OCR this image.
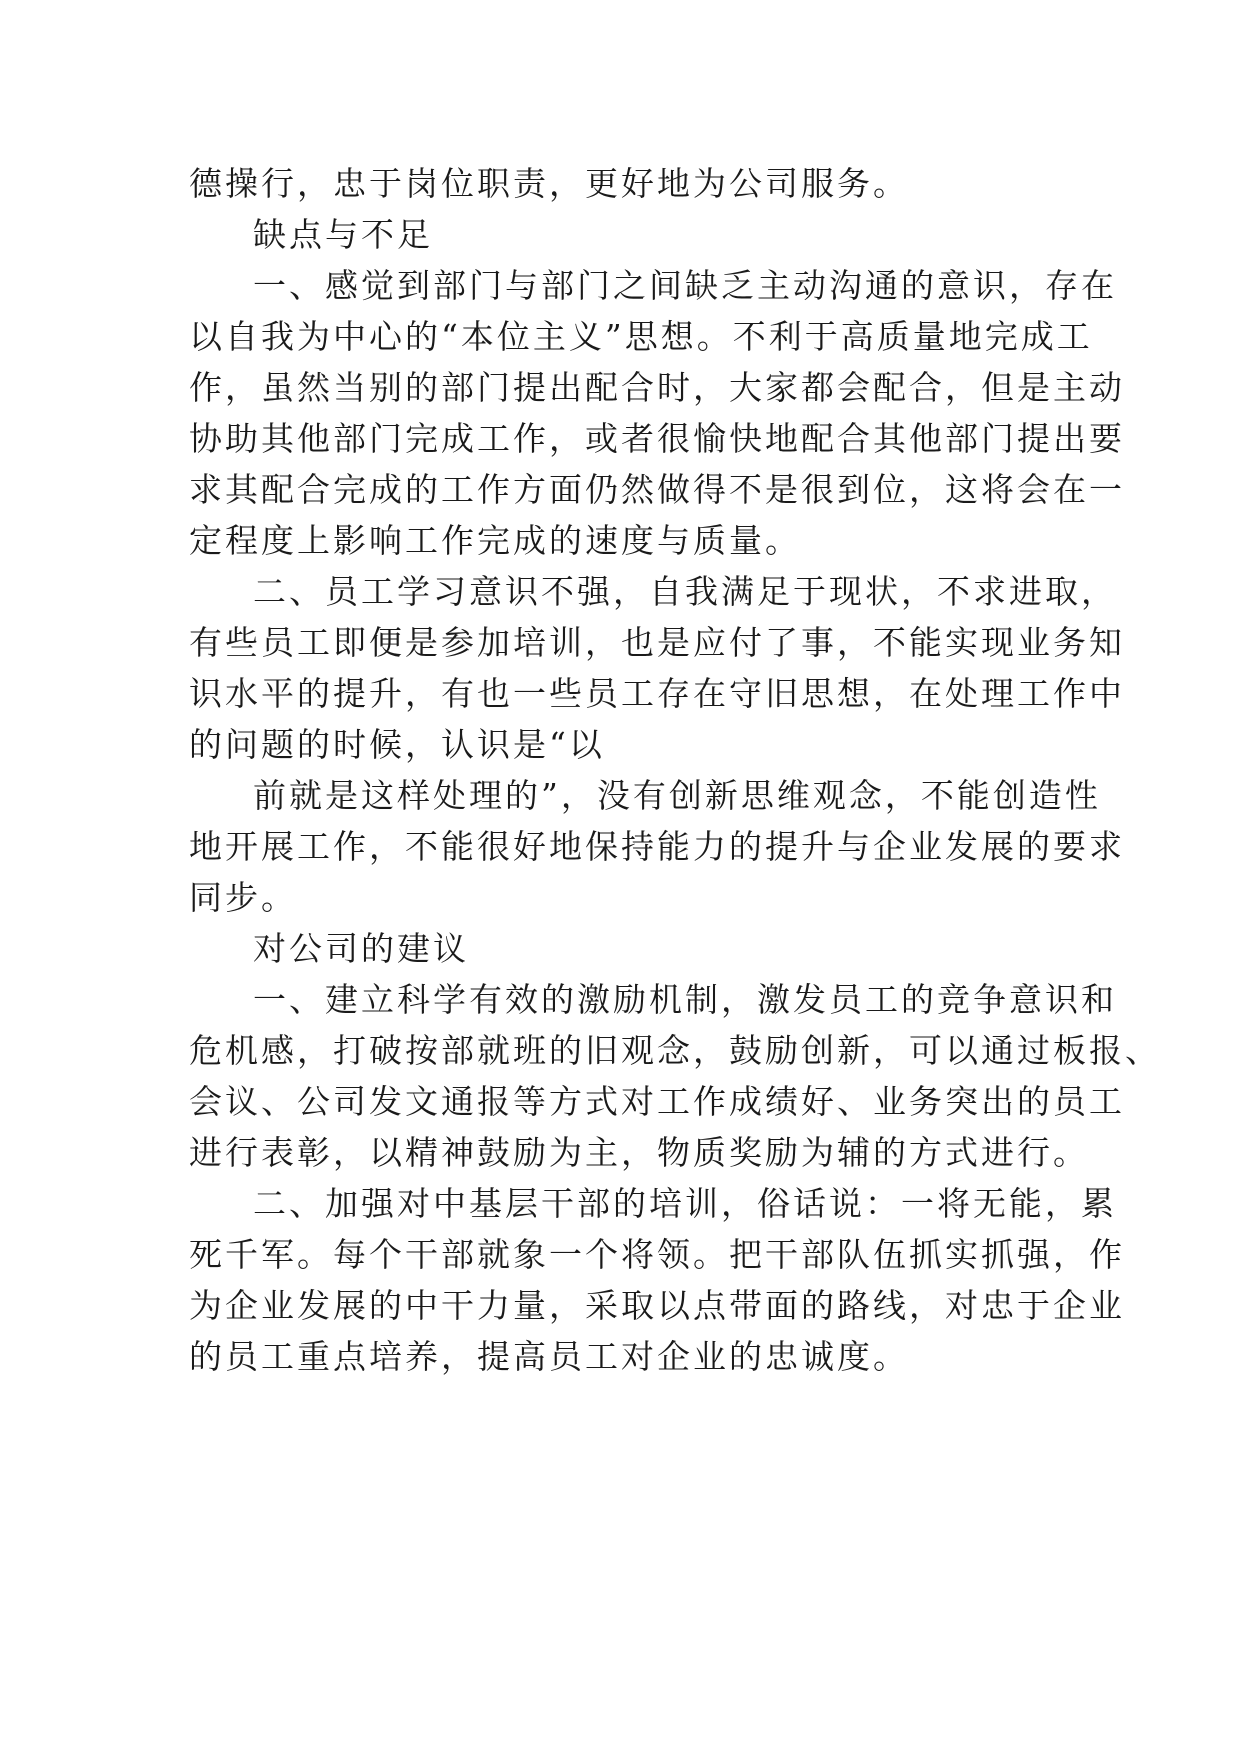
德操行，忠于岗位职责，更好地为公司服务。
缺点与不足
一 、 感 觉 到 部 门 与 部 门 之 间 缺 乏 主 动 沟 通 的 意 识 ， 存 在
以 自 我 为 中 心 的 “ 本 位 主 义 ” 思 想 。 不 利 于 高 质 量 地 完 成 工
作 ， 虽 然 当 别 的 部 门 提 出 配 合 时 ， 大 家 都 会 配 合 ， 但 是 主 动
协 助 其 他 部 门 完 成 工 作 ， 或 者 很 愉 快 地 配 合 其 他 部 门 提 出 要
求 其 配 合 完 成 的 工 作 方 面 仍 然 做 得 不 是 很 到 位 ， 这 将 会 在 一
定程度上影响工作完成的速度与质量。
二 、 员 工 学 习 意 识 不 强 ， 自 我 满 足 于 现 状 ， 不 求 进 取 ，
有 些 员 工 即 便 是 参 加 培 训 ， 也 是 应 付 了 事 ， 不 能 实 现 业 务 知
识 水 平 的 提 升 ， 有 也 一 些 员 工 存 在 守 旧 思 想 ， 在 处 理 工 作 中
的问题的时候，认识是“以
前 就 是 这 样 处 理 的 ” ， 没 有 创 新 思 维 观 念 ， 不 能 创 造 性
地 开 展 工 作 ， 不 能 很 好 地 保 持 能 力 的 提 升 与 企 业 发 展 的 要 求
同步。
对公司的建议
一 、 建 立 科 学 有 效 的 激 励 机 制 ， 激 发 员 工 的 竞 争 意 识 和
危 机 感 ， 打 破 按 部 就 班 的 旧 观 念 ， 鼓 励 创 新 ， 可 以 通 过 板 报 、
会 议 、 公 司 发 文 通 报 等 方 式 对 工 作 成 绩 好 、 业 务 突 出 的 员 工
进行表彰，以精神鼓励为主，物质奖励为辅的方式进行。
二 、 加 强 对 中 基 层 干 部 的 培 训 ， 俗 话 说 ： 一 将 无 能 ， 累
死 千 军 。 每 个 干 部 就 象 一 个 将 领 。 把 干 部 队 伍 抓 实 抓 强 ， 作
为 企 业 发 展 的 中 干 力 量 ， 采 取 以 点 带 面 的 路 线 ， 对 忠 于 企 业
的员工重点培养，提高员工对企业的忠诚度。
